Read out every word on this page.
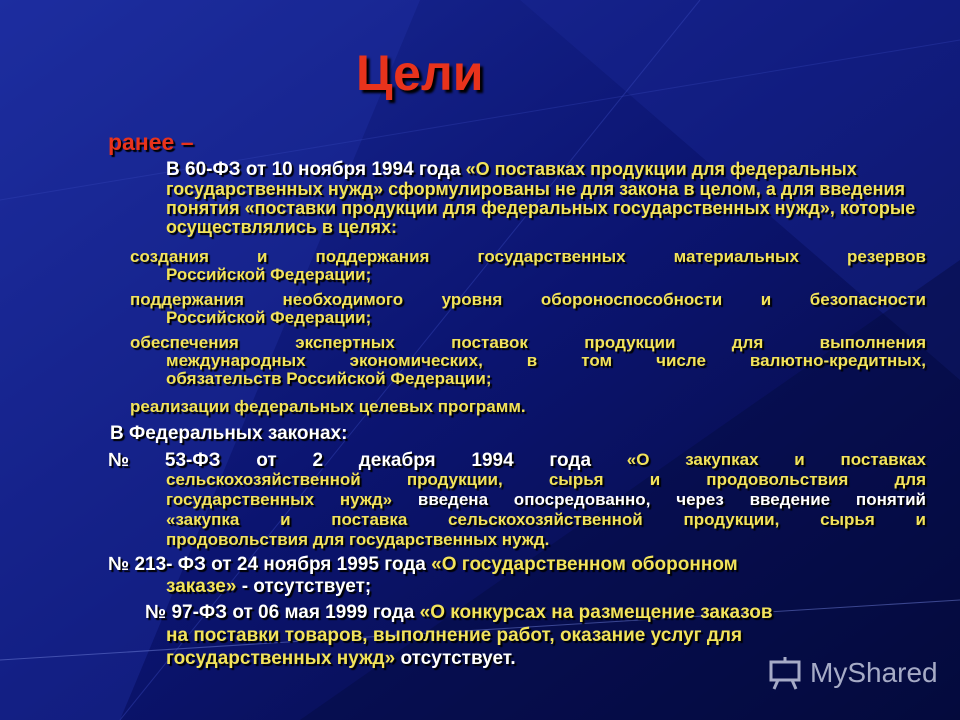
Цели
ранее –
В 60-ФЗ от 10 ноября 1994 года «О поставках продукции для федеральных государственных нужд» сформулированы не для закона в целом, а для введения понятия «поставки продукции для федеральных государственных нужд», которые осуществлялись в целях:
создания и поддержания государственных материальных резервов
Российской Федерации;
поддержания необходимого уровня обороноспособности и безопасности
Российской Федерации;
обеспечения экспертных поставок продукции для выполнения
международных экономических, в том числе валютно-кредитных,
обязательств Российской Федерации;
реализации федеральных целевых программ.
В Федеральных законах:
№ 53-ФЗ от 2 декабря 1994 года «О закупках и поставках
сельскохозяйственной продукции, сырья и продовольствия для
государственных нужд» введена опосредованно, через введение понятий
«закупка и поставка сельскохозяйственной продукции, сырья и
продовольствия для государственных нужд.
№ 213- ФЗ от 24 ноября 1995 года «О государственном оборонном
заказе» - отсутствует;
№ 97-ФЗ от 06 мая 1999 года «О конкурсах на размещение заказов
на поставки товаров, выполнение работ, оказание услуг для
государственных нужд» отсутствует.	MyShared
